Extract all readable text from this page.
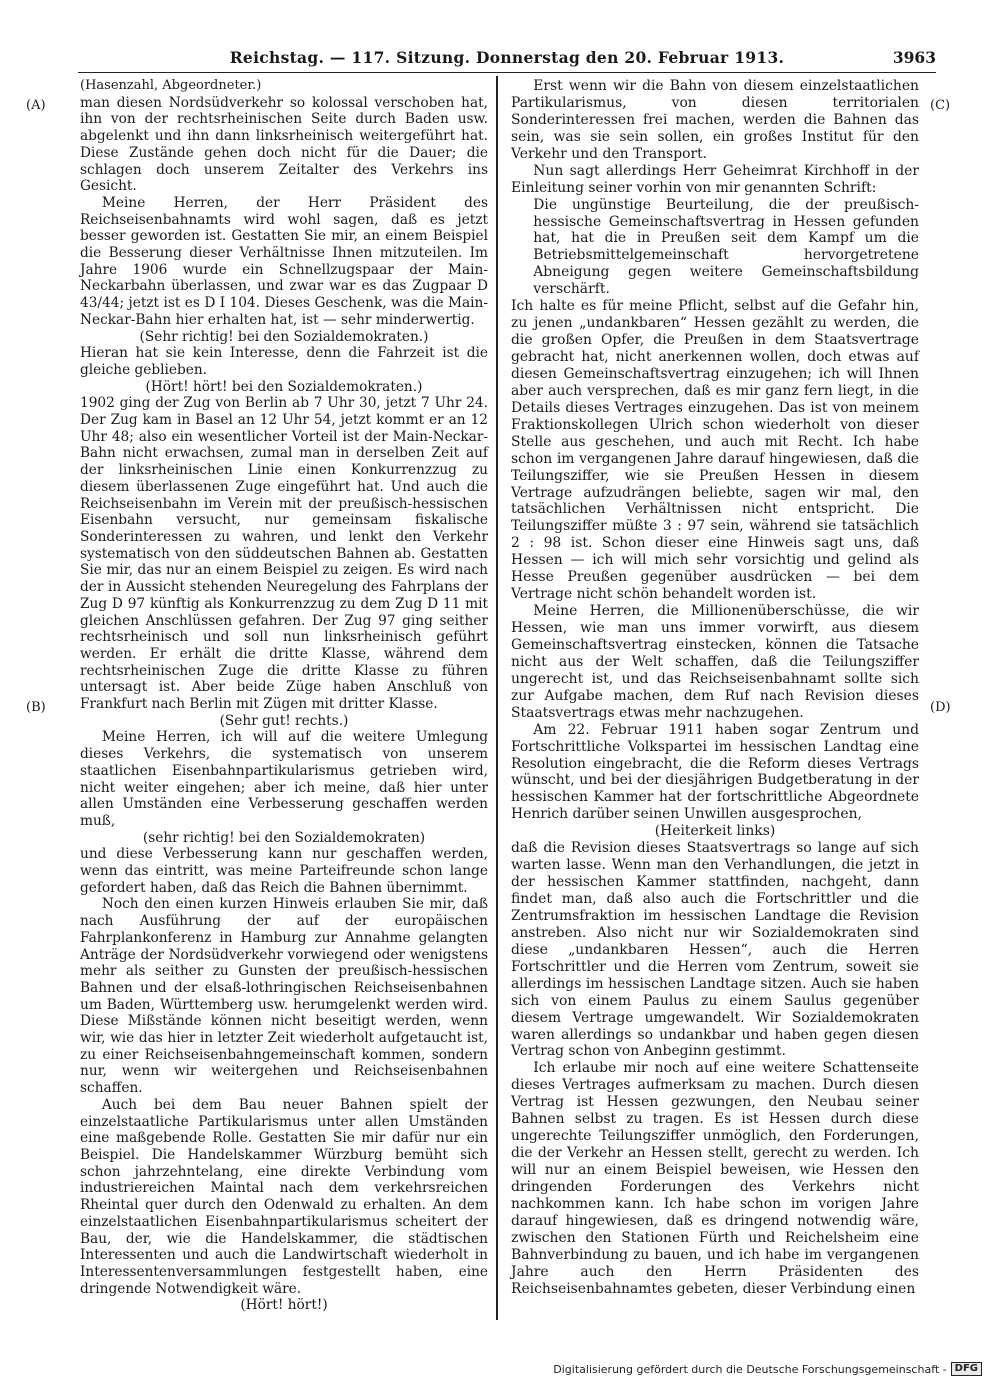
Reichstag. — 117. Sitzung. Donnerstag den 20. Februar 1913.	3963
(A)
(B)
(C)
(D)

(Hasenzahl, Abgeordneter.)

man diesen Nordsüdverkehr so kolossal verschoben hat, ihn von der rechtsrheinischen Seite durch Baden usw. abgelenkt und ihn dann linksrheinisch weitergeführt hat. Diese Zustände gehen doch nicht für die Dauer; die schlagen doch unserem Zeitalter des Verkehrs ins Gesicht.

Meine Herren, der Herr Präsident des Reichseisenbahnamts wird wohl sagen, daß es jetzt besser geworden ist. Gestatten Sie mir, an einem Beispiel die Besserung dieser Verhältnisse Ihnen mitzuteilen. Im Jahre 1906 wurde ein Schnellzugspaar der Main-Neckarbahn überlassen, und zwar war es das Zugpaar D 43/44; jetzt ist es D I 104. Dieses Geschenk, was die Main-Neckar-Bahn hier erhalten hat, ist — sehr minderwertig.

(Sehr richtig! bei den Sozialdemokraten.)

Hieran hat sie kein Interesse, denn die Fahrzeit ist die gleiche geblieben.

(Hört! hört! bei den Sozialdemokraten.)

1902 ging der Zug von Berlin ab 7 Uhr 30, jetzt 7 Uhr 24. Der Zug kam in Basel an 12 Uhr 54, jetzt kommt er an 12 Uhr 48; also ein wesentlicher Vorteil ist der Main-Neckar-Bahn nicht erwachsen, zumal man in derselben Zeit auf der linksrheinischen Linie einen Konkurrenzzug zu diesem überlassenen Zuge eingeführt hat. Und auch die Reichseisenbahn im Verein mit der preußisch-hessischen Eisenbahn versucht, nur gemeinsam fiskalische Sonderinteressen zu wahren, und lenkt den Verkehr systematisch von den süddeutschen Bahnen ab. Gestatten Sie mir, das nur an einem Beispiel zu zeigen. Es wird nach der in Aussicht stehenden Neuregelung des Fahrplans der Zug D 97 künftig als Konkurrenzzug zu dem Zug D 11 mit gleichen Anschlüssen gefahren. Der Zug 97 ging seither rechtsrheinisch und soll nun linksrheinisch geführt werden. Er erhält die dritte Klasse, während dem rechtsrheinischen Zuge die dritte Klasse zu führen untersagt ist. Aber beide Züge haben Anschluß von Frankfurt nach Berlin mit Zügen mit dritter Klasse.

(Sehr gut! rechts.)

Meine Herren, ich will auf die weitere Umlegung dieses Verkehrs, die systematisch von unserem staatlichen Eisenbahnpartikularismus getrieben wird, nicht weiter eingehen; aber ich meine, daß hier unter allen Umständen eine Verbesserung geschaffen werden muß,

(sehr richtig! bei den Sozialdemokraten)

und diese Verbesserung kann nur geschaffen werden, wenn das eintritt, was meine Parteifreunde schon lange gefordert haben, daß das Reich die Bahnen übernimmt.

Noch den einen kurzen Hinweis erlauben Sie mir, daß nach Ausführung der auf der europäischen Fahrplankonferenz in Hamburg zur Annahme gelangten Anträge der Nordsüdverkehr vorwiegend oder wenigstens mehr als seither zu Gunsten der preußisch-hessischen Bahnen und der elsaß-lothringischen Reichseisenbahnen um Baden, Württemberg usw. herumgelenkt werden wird. Diese Mißstände können nicht beseitigt werden, wenn wir, wie das hier in letzter Zeit wiederholt aufgetaucht ist, zu einer Reichseisenbahngemeinschaft kommen, sondern nur, wenn wir weitergehen und Reichseisenbahnen schaffen.

Auch bei dem Bau neuer Bahnen spielt der einzelstaatliche Partikularismus unter allen Umständen eine maßgebende Rolle. Gestatten Sie mir dafür nur ein Beispiel. Die Handelskammer Würzburg bemüht sich schon jahrzehntelang, eine direkte Verbindung vom industriereichen Maintal nach dem verkehrsreichen Rheintal quer durch den Odenwald zu erhalten. An dem einzelstaatlichen Eisenbahnpartikularismus scheitert der Bau, der, wie die Handelskammer, die städtischen Interessenten und auch die Landwirtschaft wiederholt in Interessentenversammlungen festgestellt haben, eine dringende Notwendigkeit wäre.

(Hört! hört!)

Erst wenn wir die Bahn von diesem einzelstaatlichen Partikularismus, von diesen territorialen Sonderinteressen frei machen, werden die Bahnen das sein, was sie sein sollen, ein großes Institut für den Verkehr und den Transport.

Nun sagt allerdings Herr Geheimrat Kirchhoff in der Einleitung seiner vorhin von mir genannten Schrift:

Die ungünstige Beurteilung, die der preußisch-hessische Gemeinschaftsvertrag in Hessen gefunden hat, hat die in Preußen seit dem Kampf um die Betriebsmittelgemeinschaft hervorgetretene Abneigung gegen weitere Gemeinschaftsbildung verschärft.

Ich halte es für meine Pflicht, selbst auf die Gefahr hin, zu jenen „undankbaren“ Hessen gezählt zu werden, die die großen Opfer, die Preußen in dem Staatsvertrage gebracht hat, nicht anerkennen wollen, doch etwas auf diesen Gemeinschaftsvertrag einzugehen; ich will Ihnen aber auch versprechen, daß es mir ganz fern liegt, in die Details dieses Vertrages einzugehen. Das ist von meinem Fraktionskollegen Ulrich schon wiederholt von dieser Stelle aus geschehen, und auch mit Recht. Ich habe schon im vergangenen Jahre darauf hingewiesen, daß die Teilungsziffer, wie sie Preußen Hessen in diesem Vertrage aufzudrängen beliebte, sagen wir mal, den tatsächlichen Verhältnissen nicht entspricht. Die Teilungsziffer müßte 3 : 97 sein, während sie tatsächlich 2 : 98 ist. Schon dieser eine Hinweis sagt uns, daß Hessen — ich will mich sehr vorsichtig und gelind als Hesse Preußen gegenüber ausdrücken — bei dem Vertrage nicht schön behandelt worden ist.

Meine Herren, die Millionenüberschüsse, die wir Hessen, wie man uns immer vorwirft, aus diesem Gemeinschaftsvertrag einstecken, können die Tatsache nicht aus der Welt schaffen, daß die Teilungsziffer ungerecht ist, und das Reichseisenbahnamt sollte sich zur Aufgabe machen, dem Ruf nach Revision dieses Staatsvertrags etwas mehr nachzugehen.

Am 22. Februar 1911 haben sogar Zentrum und Fortschrittliche Volkspartei im hessischen Landtag eine Resolution eingebracht, die die Reform dieses Vertrags wünscht, und bei der diesjährigen Budgetberatung in der hessischen Kammer hat der fortschrittliche Abgeordnete Henrich darüber seinen Unwillen ausgesprochen,

(Heiterkeit links)

daß die Revision dieses Staatsvertrags so lange auf sich warten lasse. Wenn man den Verhandlungen, die jetzt in der hessischen Kammer stattfinden, nachgeht, dann findet man, daß also auch die Fortschrittler und die Zentrumsfraktion im hessischen Landtage die Revision anstreben. Also nicht nur wir Sozialdemokraten sind diese „undankbaren Hessen“, auch die Herren Fortschrittler und die Herren vom Zentrum, soweit sie allerdings im hessischen Landtage sitzen. Auch sie haben sich von einem Paulus zu einem Saulus gegenüber diesem Vertrage umgewandelt. Wir Sozialdemokraten waren allerdings so undankbar und haben gegen diesen Vertrag schon von Anbeginn gestimmt.

Ich erlaube mir noch auf eine weitere Schattenseite dieses Vertrages aufmerksam zu machen. Durch diesen Vertrag ist Hessen gezwungen, den Neubau seiner Bahnen selbst zu tragen. Es ist Hessen durch diese ungerechte Teilungsziffer unmöglich, den Forderungen, die der Verkehr an Hessen stellt, gerecht zu werden. Ich will nur an einem Beispiel beweisen, wie Hessen den dringenden Forderungen des Verkehrs nicht nachkommen kann. Ich habe schon im vorigen Jahre darauf hingewiesen, daß es dringend notwendig wäre, zwischen den Stationen Fürth und Reichelsheim eine Bahnverbindung zu bauen, und ich habe im vergangenen Jahre auch den Herrn Präsidenten des Reichseisenbahnamtes gebeten, dieser Verbindung einen

Digitalisierung gefördert durch die Deutsche Forschungsgemeinschaft - DFG
